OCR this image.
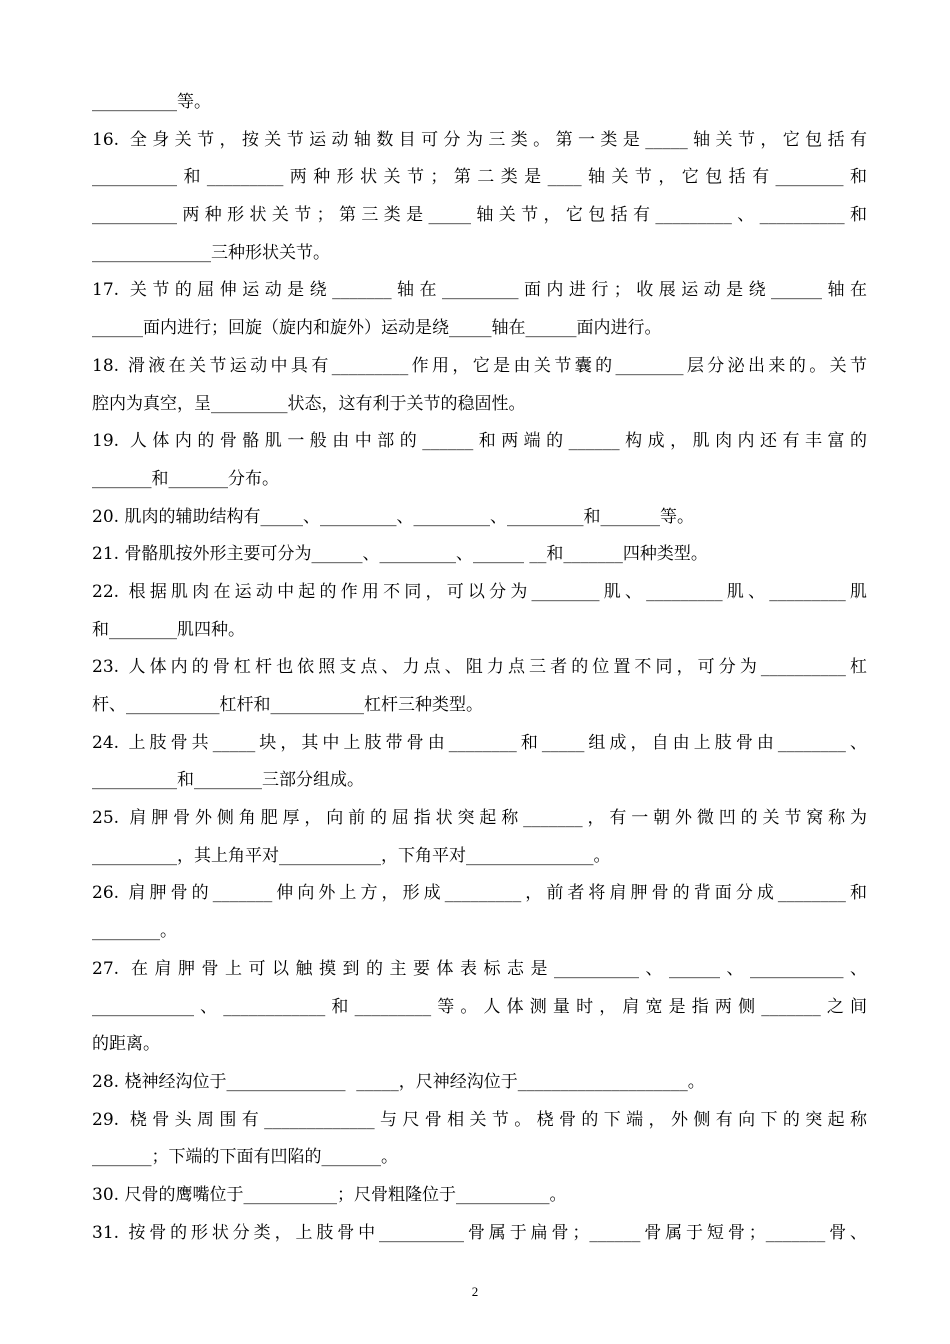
__________等。
16. 全身关节，按关节运动轴数目可分为三类。第一类是_____轴关节，它包括有
__________和_________两种形状关节；第二类是____轴关节，它包括有________和
__________两种形状关节；第三类是_____轴关节，它包括有_________、__________和
______________三种形状关节。
17. 关节的屈伸运动是绕_______轴在_________面内进行；收展运动是绕______轴在
______面内进行；回旋（旋内和旋外）运动是绕_____轴在______面内进行。
18. 滑液在关节运动中具有_________作用，它是由关节囊的________层分泌出来的。关节
腔内为真空，呈_________状态，这有利于关节的稳固性。
19. 人体内的骨骼肌一般由中部的______和两端的______构成，肌肉内还有丰富的
_______和_______分布。
20. 肌肉的辅助结构有_____、_________、_________、_________和_______等。
21. 骨骼肌按外形主要可分为______、_________、______ __和_______四种类型。
22. 根据肌肉在运动中起的作用不同，可以分为________肌、_________肌、_________肌
和________肌四种。
23. 人体内的骨杠杆也依照支点、力点、阻力点三者的位置不同，可分为__________杠
杆、___________杠杆和___________杠杆三种类型。
24. 上肢骨共_____块，其中上肢带骨由________和_____组成，自由上肢骨由________、
__________和________三部分组成。
25. 肩胛骨外侧角肥厚，向前的屈指状突起称_______，有一朝外微凹的关节窝称为
__________，其上角平对____________，下角平对_______________。
26. 肩胛骨的_______伸向外上方，形成_________，前者将肩胛骨的背面分成________和
________。
27. 在肩胛骨上可以触摸到的主要体表标志是__________、______、___________、
____________、____________和_________等。人体测量时，肩宽是指两侧_______之间
的距离。
28. 桡神经沟位于______________  _____，尺神经沟位于____________________。
29. 桡骨头周围有_____________与尺骨相关节。桡骨的下端，外侧有向下的突起称
_______；下端的下面有凹陷的_______。
30. 尺骨的鹰嘴位于___________；尺骨粗隆位于___________。
31. 按骨的形状分类，上肢骨中__________骨属于扁骨；______骨属于短骨；_______骨、
2
